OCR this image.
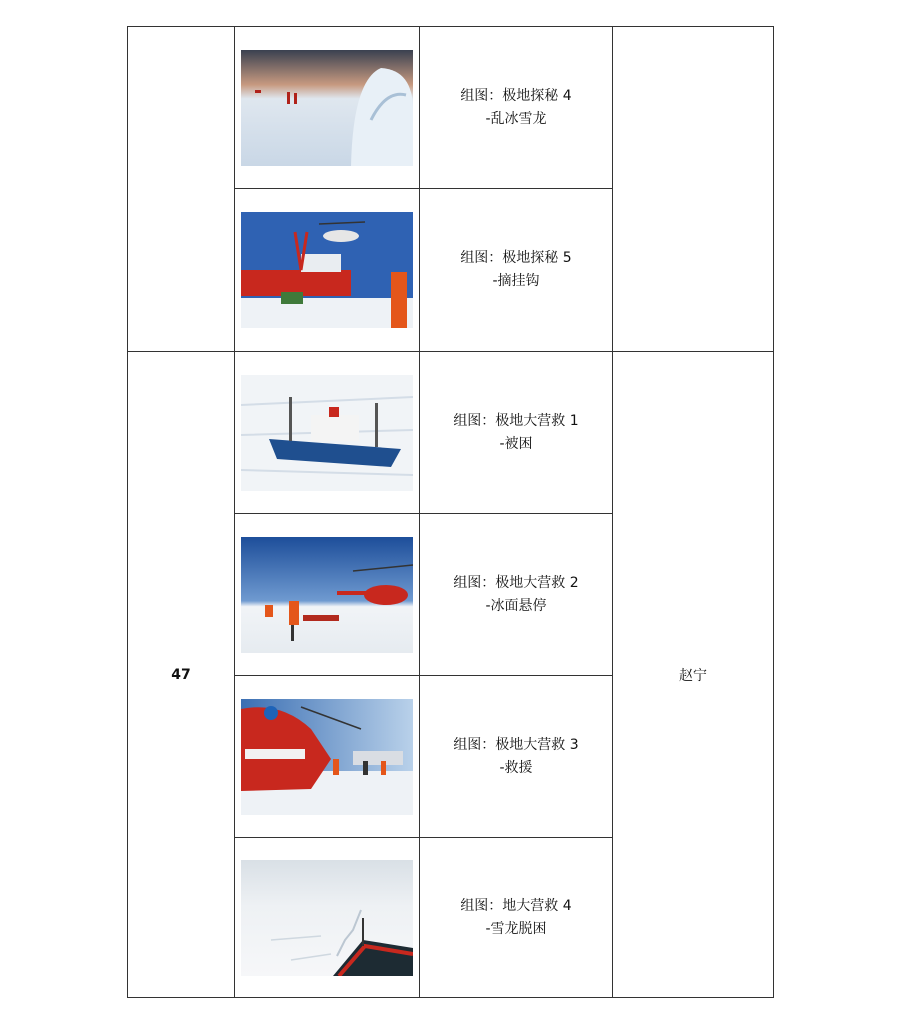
组图：极地探秘 4
-乱冰雪龙	

组图：极地探秘 5
-摘挂钩	

47		组图：极地大营救 1
-被困	赵宁

组图：极地大营救 2
-冰面悬停	

组图：极地大营救 3
-救援	

组图：地大营救 4
-雪龙脱困	
